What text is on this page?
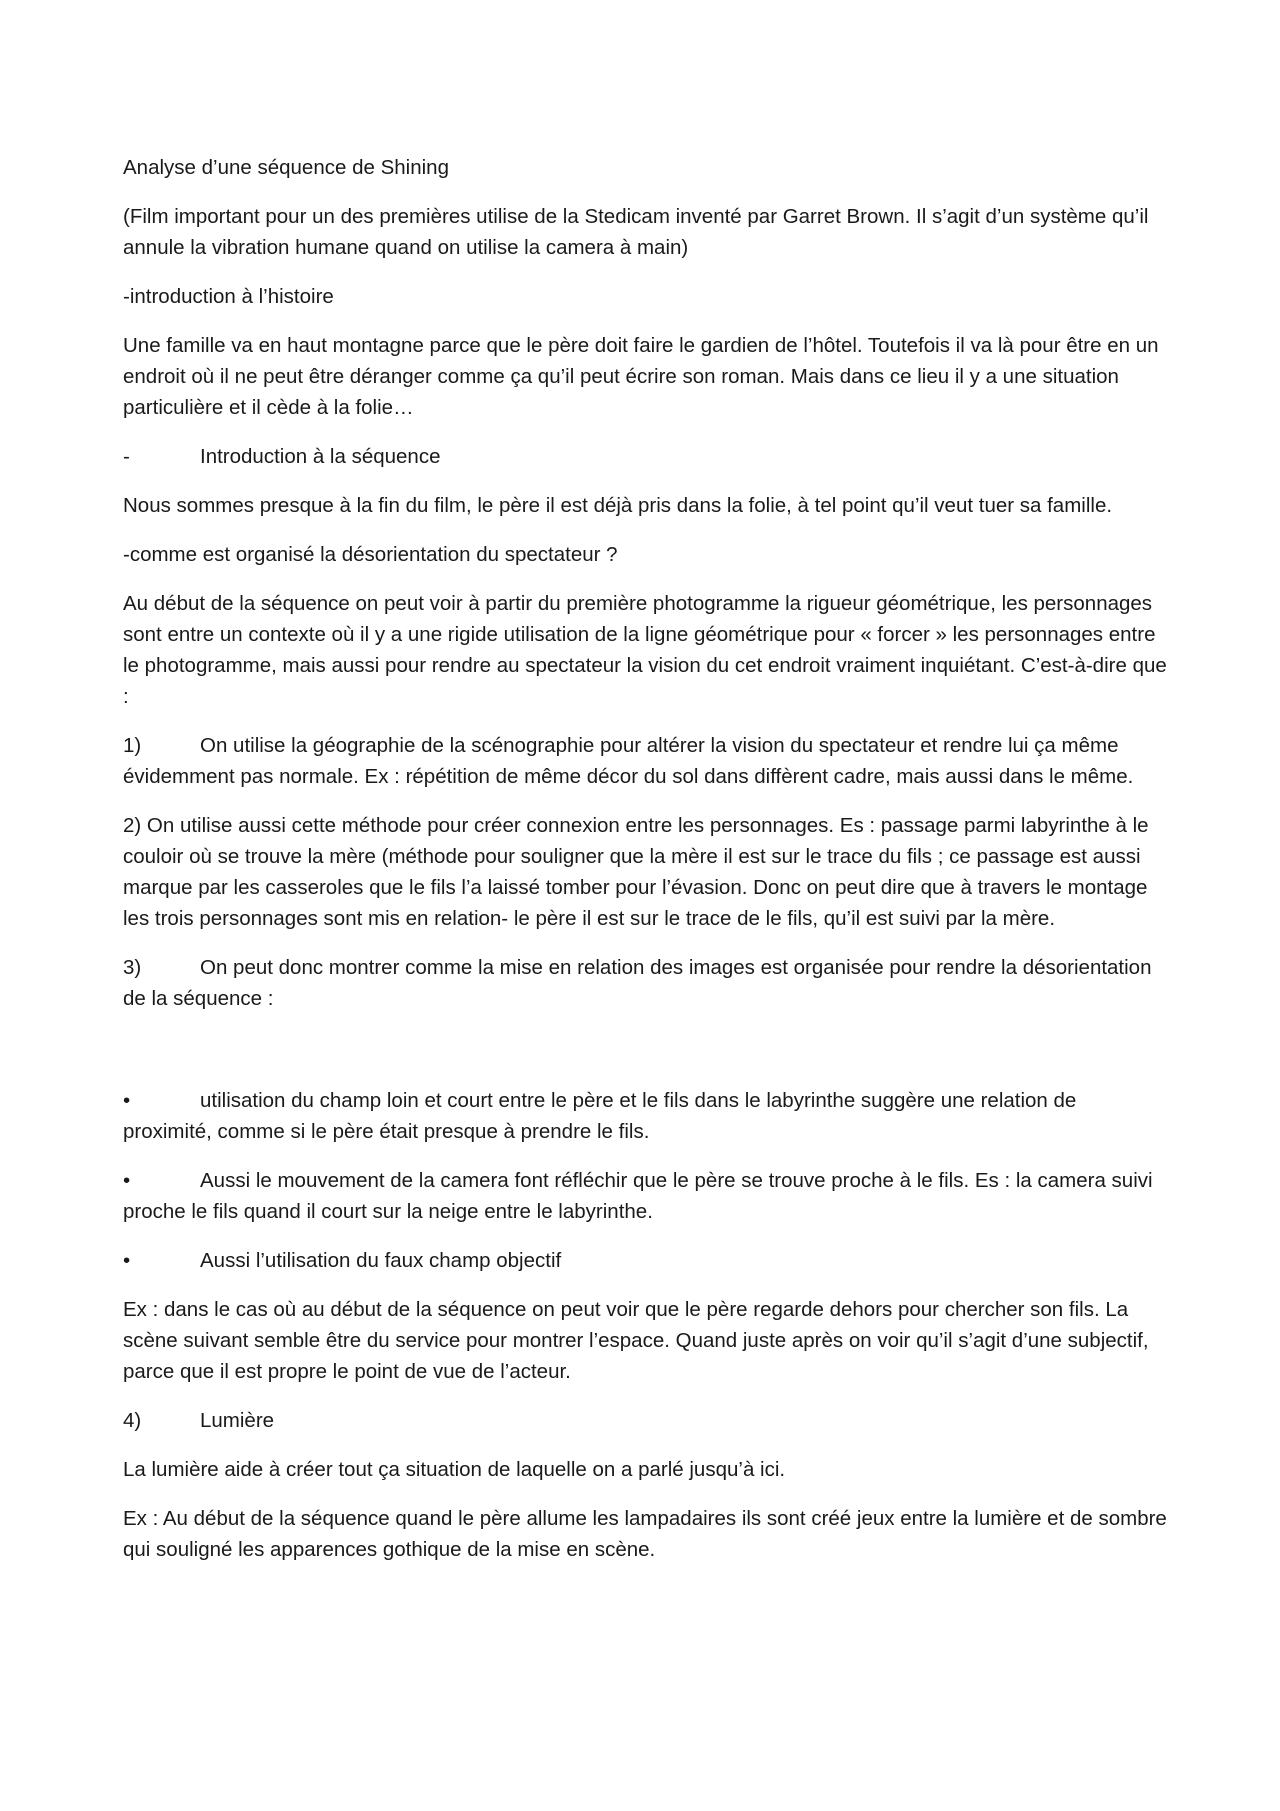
Analyse d’une séquence de Shining

(Film important pour un des premières utilise de la Stedicam inventé par Garret Brown. Il s’agit d’un système qu’il annule la vibration humane quand on utilise la camera à main)

-introduction à l’histoire

Une famille va en haut montagne parce que le père doit faire le gardien de l’hôtel. Toutefois il va là pour être en un endroit où il ne peut être déranger comme ça qu’il peut écrire son roman. Mais dans ce lieu il y a une situation particulière et il cède à la folie…

-	Introduction à la séquence

Nous sommes presque à la fin du film, le père il est déjà pris dans la folie, à tel point qu’il veut tuer sa famille.

-comme est organisé la désorientation du spectateur ?

Au début de la séquence on peut voir à partir du première photogramme la rigueur géométrique, les personnages sont entre un contexte où il y a une rigide utilisation de la ligne géométrique pour « forcer » les personnages entre le photogramme, mais aussi pour rendre au spectateur la vision du cet endroit vraiment inquiétant. C’est-à-dire que :

1)	On utilise la géographie de la scénographie pour altérer la vision du spectateur et rendre lui ça même évidemment pas normale. Ex : répétition de même décor du sol dans diffèrent cadre, mais aussi dans le même.

2) On utilise aussi cette méthode pour créer connexion entre les personnages. Es : passage parmi labyrinthe à le couloir où se trouve la mère (méthode pour souligner que la mère il est sur le trace du fils ; ce passage est aussi marque par les casseroles que le fils l’a laissé tomber pour l’évasion. Donc on peut dire que à travers le montage les trois personnages sont mis en relation- le père il est sur le trace de le fils, qu’il est suivi par la mère.

3)	On peut donc montrer comme la mise en relation des images est organisée pour rendre la désorientation de la séquence :

•	utilisation du champ loin et court entre le père et le fils dans le labyrinthe suggère une relation de proximité, comme si le père était presque à prendre le fils.

•	Aussi le mouvement de la camera font réfléchir que le père se trouve proche à le fils. Es : la camera suivi proche le fils quand il court sur la neige entre le labyrinthe.

•	Aussi l’utilisation du faux champ objectif

Ex : dans le cas où au début de la séquence on peut voir que le père regarde dehors pour chercher son fils. La scène suivant semble être du service pour montrer l’espace. Quand juste après on voir qu’il s’agit d’une subjectif, parce que il est propre le point de vue de l’acteur.

4)	Lumière

La lumière aide à créer tout ça situation de laquelle on a parlé jusqu’à ici.

Ex : Au début de la séquence quand le père allume les lampadaires ils sont créé jeux entre la lumière et de sombre qui souligné les apparences gothique de la mise en scène.
